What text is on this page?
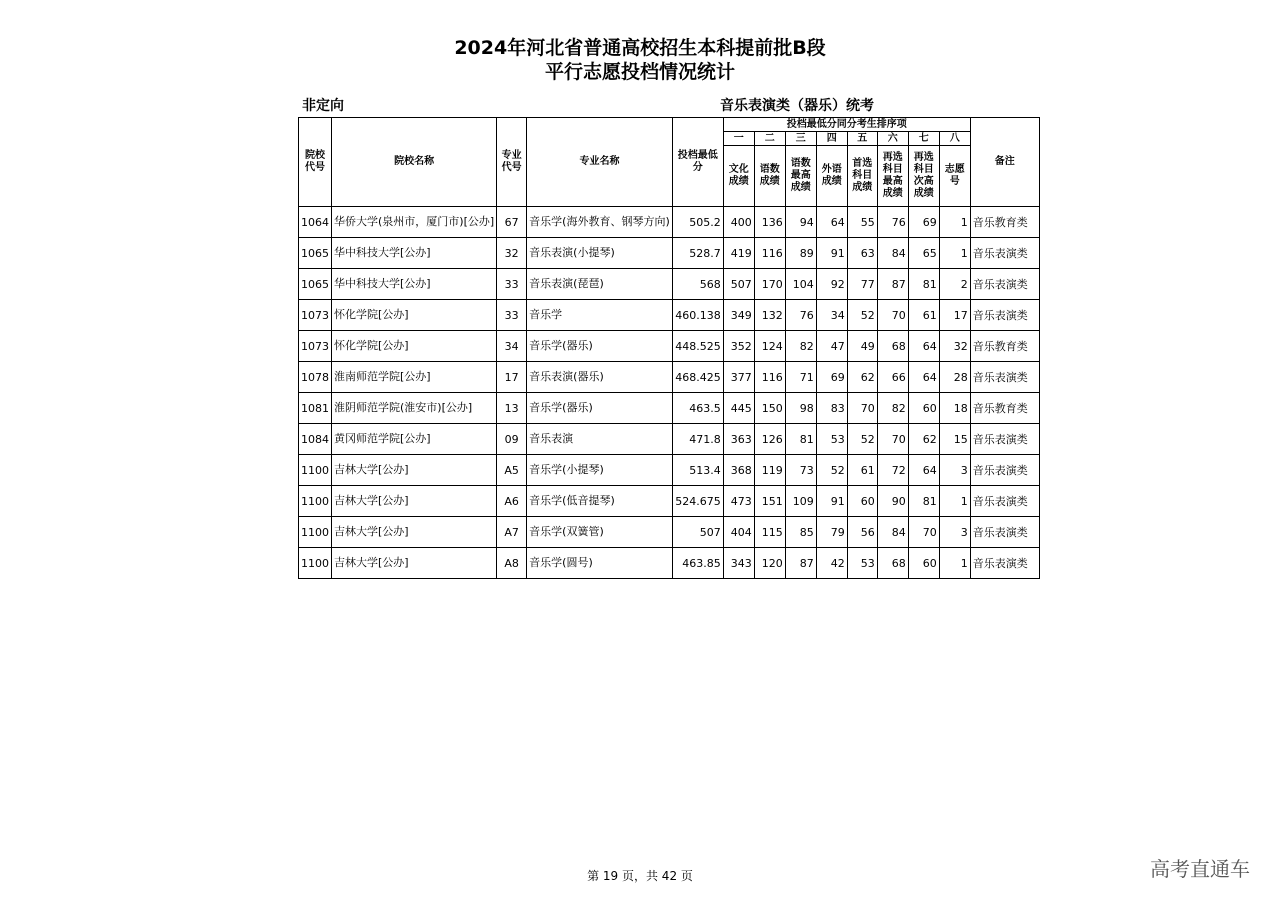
2024年河北省普通高校招生本科提前批B段
平行志愿投档情况统计
非定向	音乐表演类（器乐）统考
院校代号	院校名称	专业代号	专业名称	投档最低分	投档最低分同分考生排序项								备注
					一	二	三	四	五	六	七	八	
					文化成绩	语数成绩	语数最高成绩	外语成绩	首选科目成绩	再选科目最高成绩	再选科目次高成绩	志愿号	
1064	华侨大学(泉州市，厦门市)[公办]	67	音乐学(海外教育、钢琴方向)	505.2	400	136	94	64	55	76	69	1	音乐教育类
1065	华中科技大学[公办]	32	音乐表演(小提琴)	528.7	419	116	89	91	63	84	65	1	音乐表演类
1065	华中科技大学[公办]	33	音乐表演(琵琶)	568	507	170	104	92	77	87	81	2	音乐表演类
1073	怀化学院[公办]	33	音乐学	460.138	349	132	76	34	52	70	61	17	音乐表演类
1073	怀化学院[公办]	34	音乐学(器乐)	448.525	352	124	82	47	49	68	64	32	音乐教育类
1078	淮南师范学院[公办]	17	音乐表演(器乐)	468.425	377	116	71	69	62	66	64	28	音乐表演类
1081	淮阴师范学院(淮安市)[公办]	13	音乐学(器乐)	463.5	445	150	98	83	70	82	60	18	音乐教育类
1084	黄冈师范学院[公办]	09	音乐表演	471.8	363	126	81	53	52	70	62	15	音乐表演类
1100	吉林大学[公办]	A5	音乐学(小提琴)	513.4	368	119	73	52	61	72	64	3	音乐表演类
1100	吉林大学[公办]	A6	音乐学(低音提琴)	524.675	473	151	109	91	60	90	81	1	音乐表演类
1100	吉林大学[公办]	A7	音乐学(双簧管)	507	404	115	85	79	56	84	70	3	音乐表演类
1100	吉林大学[公办]	A8	音乐学(圆号)	463.85	343	120	87	42	53	68	60	1	音乐表演类
第 19 页，共 42 页	高考直通车
